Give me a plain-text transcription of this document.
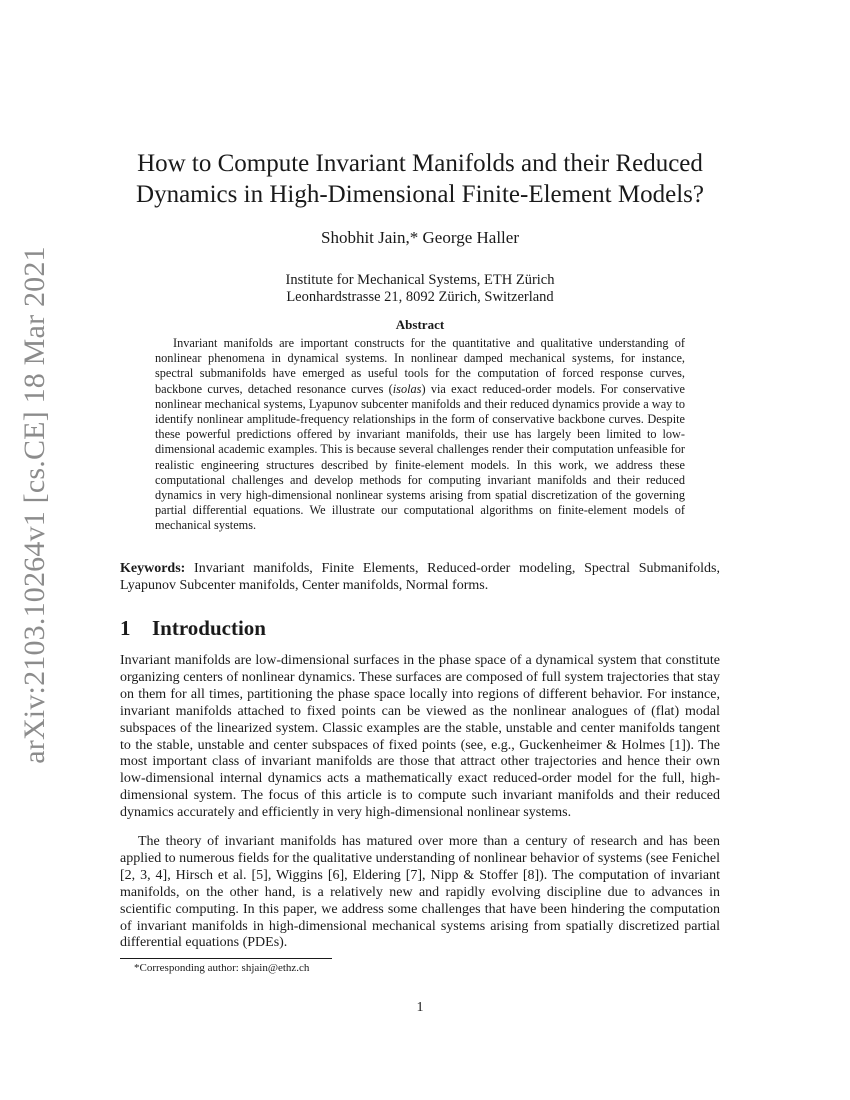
arXiv:2103.10264v1 [cs.CE] 18 Mar 2021
How to Compute Invariant Manifolds and their Reduced
Dynamics in High-Dimensional Finite-Element Models?
Shobhit Jain,* George Haller
Institute for Mechanical Systems, ETH Zürich
Leonhardstrasse 21, 8092 Zürich, Switzerland
Abstract

Invariant manifolds are important constructs for the quantitative and qualitative understanding of nonlinear phenomena in dynamical systems. In nonlinear damped mechanical systems, for instance, spectral submanifolds have emerged as useful tools for the computation of forced response curves, backbone curves, detached resonance curves (isolas) via exact reduced-order models. For conservative nonlinear mechanical systems, Lyapunov subcenter manifolds and their reduced dynamics provide a way to identify nonlinear amplitude-frequency relationships in the form of conservative backbone curves. Despite these powerful predictions offered by invariant manifolds, their use has largely been limited to low-dimensional academic examples. This is because several challenges render their computation unfeasible for realistic engineering structures described by finite-element models. In this work, we address these computational challenges and develop methods for computing invariant manifolds and their reduced dynamics in very high-dimensional nonlinear systems arising from spatial discretization of the governing partial differential equations. We illustrate our computational algorithms on finite-element models of mechanical systems.

Keywords: Invariant manifolds, Finite Elements, Reduced-order modeling, Spectral Submanifolds, Lyapunov Subcenter manifolds, Center manifolds, Normal forms.

1 Introduction

Invariant manifolds are low-dimensional surfaces in the phase space of a dynamical system that constitute organizing centers of nonlinear dynamics. These surfaces are composed of full system trajectories that stay on them for all times, partitioning the phase space locally into regions of different behavior. For instance, invariant manifolds attached to fixed points can be viewed as the nonlinear analogues of (flat) modal subspaces of the linearized system. Classic examples are the stable, unstable and center manifolds tangent to the stable, unstable and center subspaces of fixed points (see, e.g., Guckenheimer & Holmes [1]). The most important class of invariant manifolds are those that attract other trajectories and hence their own low-dimensional internal dynamics acts a mathematically exact reduced-order model for the full, high-dimensional system. The focus of this article is to compute such invariant manifolds and their reduced dynamics accurately and efficiently in very high-dimensional nonlinear systems.

The theory of invariant manifolds has matured over more than a century of research and has been applied to numerous fields for the qualitative understanding of nonlinear behavior of systems (see Fenichel [2, 3, 4], Hirsch et al. [5], Wiggins [6], Eldering [7], Nipp & Stoffer [8]). The computation of invariant manifolds, on the other hand, is a relatively new and rapidly evolving discipline due to advances in scientific computing. In this paper, we address some challenges that have been hindering the computation of invariant manifolds in high-dimensional mechanical systems arising from spatially discretized partial differential equations (PDEs).

*Corresponding author: shjain@ethz.ch
1
